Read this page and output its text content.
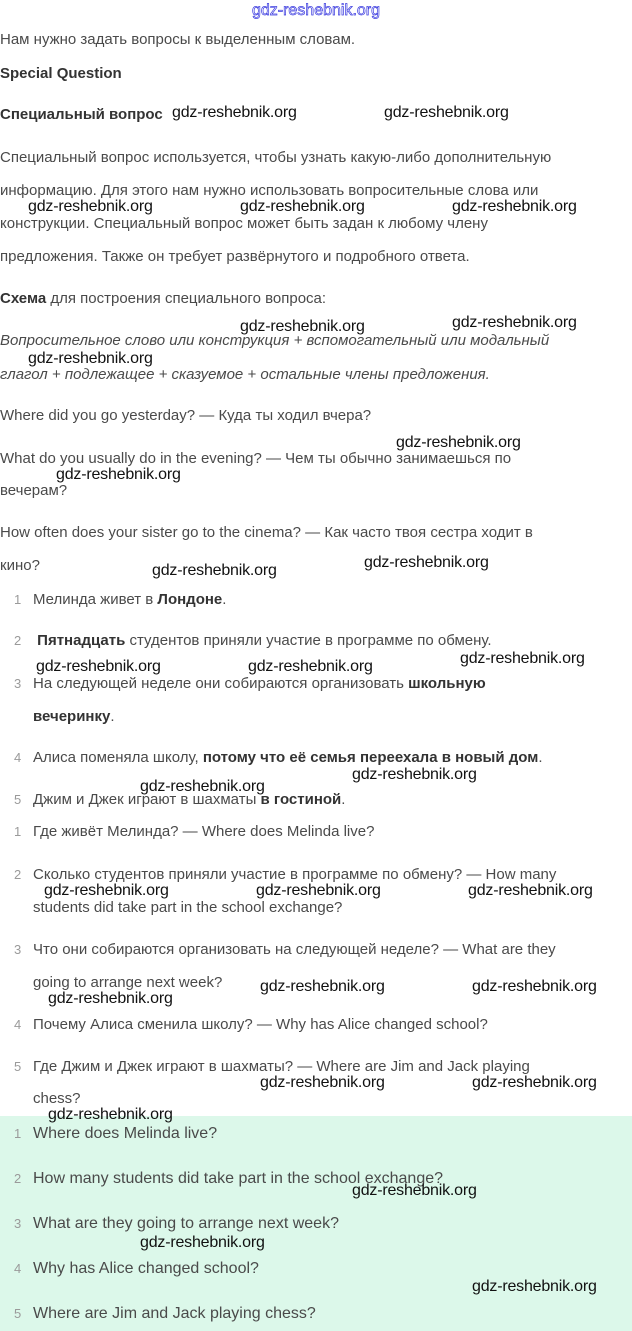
gdz-reshebnik.org
Нам нужно задать вопросы к выделенным словам.
Special Question
Специальный вопрос
Специальный вопрос используется, чтобы узнать какую-либо дополнительную
информацию. Для этого нам нужно использовать вопросительные слова или
конструкции. Специальный вопрос может быть задан к любому члену
предложения. Также он требует развёрнутого и подробного ответа.
Схема для построения специального вопроса:
Вопросительное слово или конструкция + вспомогательный или модальный
глагол + подлежащее + сказуемое + остальные члены предложения.
Where did you go yesterday? — Куда ты ходил вчера?
What do you usually do in the evening? — Чем ты обычно занимаешься по
вечерам?
How often does your sister go to the cinema? — Как часто твоя сестра ходит в
кино?
1 Мелинда живет в Лондоне.
2 Пятнадцать студентов приняли участие в программе по обмену.
3 На следующей неделе они собираются организовать школьную
вечеринку.
4 Алиса поменяла школу, потому что её семья переехала в новый дом.
5 Джим и Джек играют в шахматы в гостиной.
1 Где живёт Мелинда? — Where does Melinda live?
2 Сколько студентов приняли участие в программе по обмену? — How many
students did take part in the school exchange?
3 Что они собираются организовать на следующей неделе? — What are they
going to arrange next week?
4 Почему Алиса сменила школу? — Why has Alice changed school?
5 Где Джим и Джек играют в шахматы? — Where are Jim and Jack playing
chess?
1 Where does Melinda live?
2 How many students did take part in the school exchange?
3 What are they going to arrange next week?
4 Why has Alice changed school?
5 Where are Jim and Jack playing chess?
gdz-reshebnik.org	gdz-reshebnik.org
gdz-reshebnik.org	gdz-reshebnik.org	gdz-reshebnik.org
gdz-reshebnik.org	gdz-reshebnik.org
gdz-reshebnik.org
gdz-reshebnik.org
gdz-reshebnik.org
gdz-reshebnik.org
gdz-reshebnik.org
gdz-reshebnik.org
gdz-reshebnik.org	gdz-reshebnik.org
gdz-reshebnik.org
gdz-reshebnik.org
gdz-reshebnik.org	gdz-reshebnik.org	gdz-reshebnik.org
gdz-reshebnik.org	gdz-reshebnik.org
gdz-reshebnik.org
gdz-reshebnik.org	gdz-reshebnik.org
gdz-reshebnik.org
gdz-reshebnik.org
gdz-reshebnik.org
gdz-reshebnik.org
